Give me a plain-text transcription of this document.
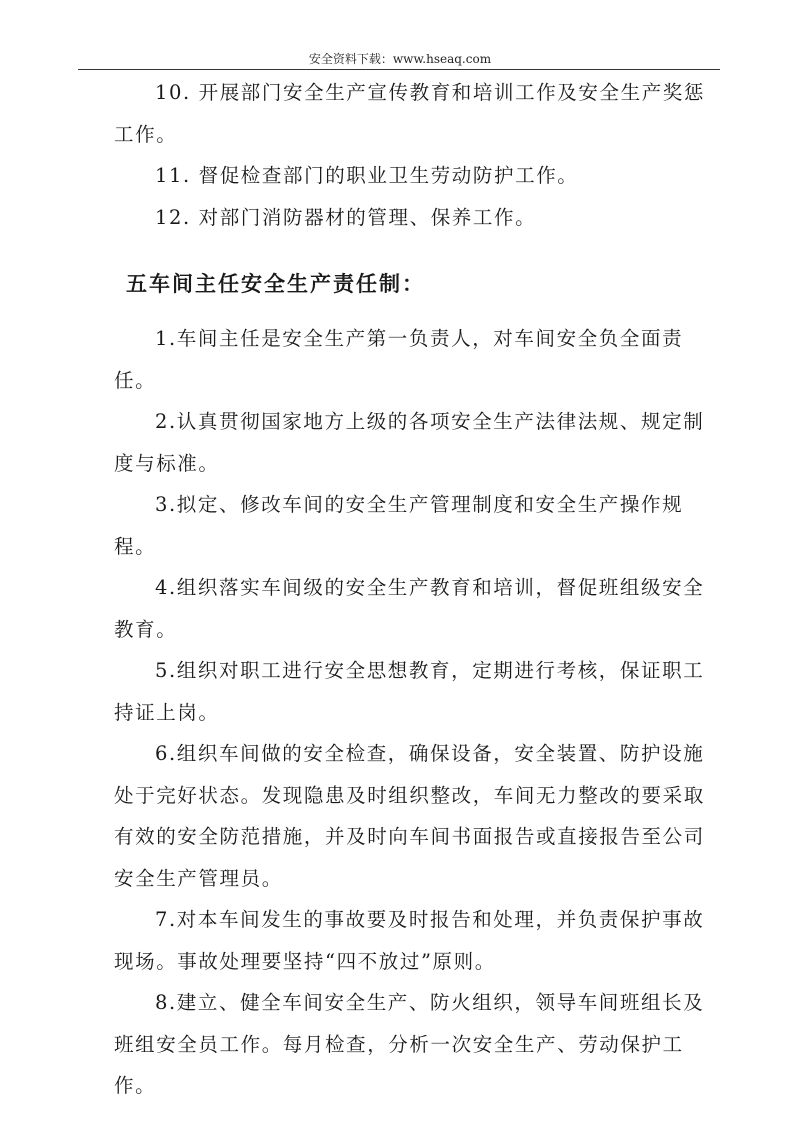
安全资料下载：www.hseaq.com

10. 开展部门安全生产宣传教育和培训工作及安全生产奖惩工作。

11. 督促检查部门的职业卫生劳动防护工作。

12. 对部门消防器材的管理、保养工作。

五车间主任安全生产责任制：

1.车间主任是安全生产第一负责人，对车间安全负全面责任。

2.认真贯彻国家地方上级的各项安全生产法律法规、规定制度与标准。

3.拟定、修改车间的安全生产管理制度和安全生产操作规程。

4.组织落实车间级的安全生产教育和培训，督促班组级安全教育。

5.组织对职工进行安全思想教育，定期进行考核，保证职工持证上岗。

6.组织车间做的安全检查，确保设备，安全装置、防护设施处于完好状态。发现隐患及时组织整改，车间无力整改的要采取有效的安全防范措施，并及时向车间书面报告或直接报告至公司安全生产管理员。

7.对本车间发生的事故要及时报告和处理，并负责保护事故现场。事故处理要坚持“四不放过”原则。

8.建立、健全车间安全生产、防火组织，领导车间班组长及班组安全员工作。每月检查，分析一次安全生产、劳动保护工作。
